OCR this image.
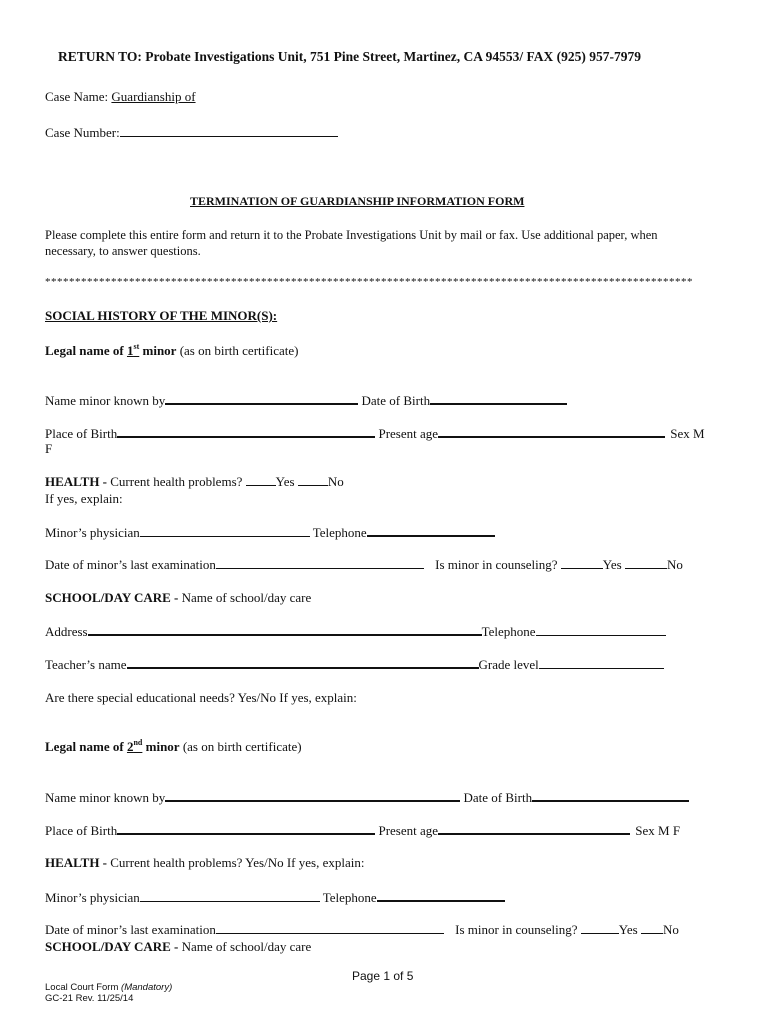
RETURN TO: Probate Investigations Unit, 751 Pine Street, Martinez, CA 94553/ FAX (925) 957-7979
Case Name: Guardianship of
Case Number:
TERMINATION OF GUARDIANSHIP INFORMATION FORM
Please complete this entire form and return it to the Probate Investigations Unit by mail or fax. Use additional paper, when
necessary, to answer questions.
************************************************************************************************************
SOCIAL HISTORY OF THE MINOR(S):
Legal name of 1st minor (as on birth certificate)
Name minor known by	Date of Birth
Place of Birth	Present age	Sex M
F
HEALTH - Current health problems? Yes	No
If yes, explain:
Minor’s physician	Telephone
Date of minor’s last examination	Is minor in counseling?	Yes	No
SCHOOL/DAY CARE - Name of school/day care
Address	Telephone
Teacher’s name	Grade level
Are there special educational needs? Yes/No If yes, explain:
Legal name of 2nd minor (as on birth certificate)
Name minor known by	Date of Birth
Place of Birth	Present age	Sex M F
HEALTH - Current health problems? Yes/No If yes, explain:
Minor’s physician	Telephone
Date of minor’s last examination	Is minor in counseling?	Yes No
SCHOOL/DAY CARE - Name of school/day care
Page 1 of 5
Local Court Form (Mandatory)
GC-21 Rev. 11/25/14
